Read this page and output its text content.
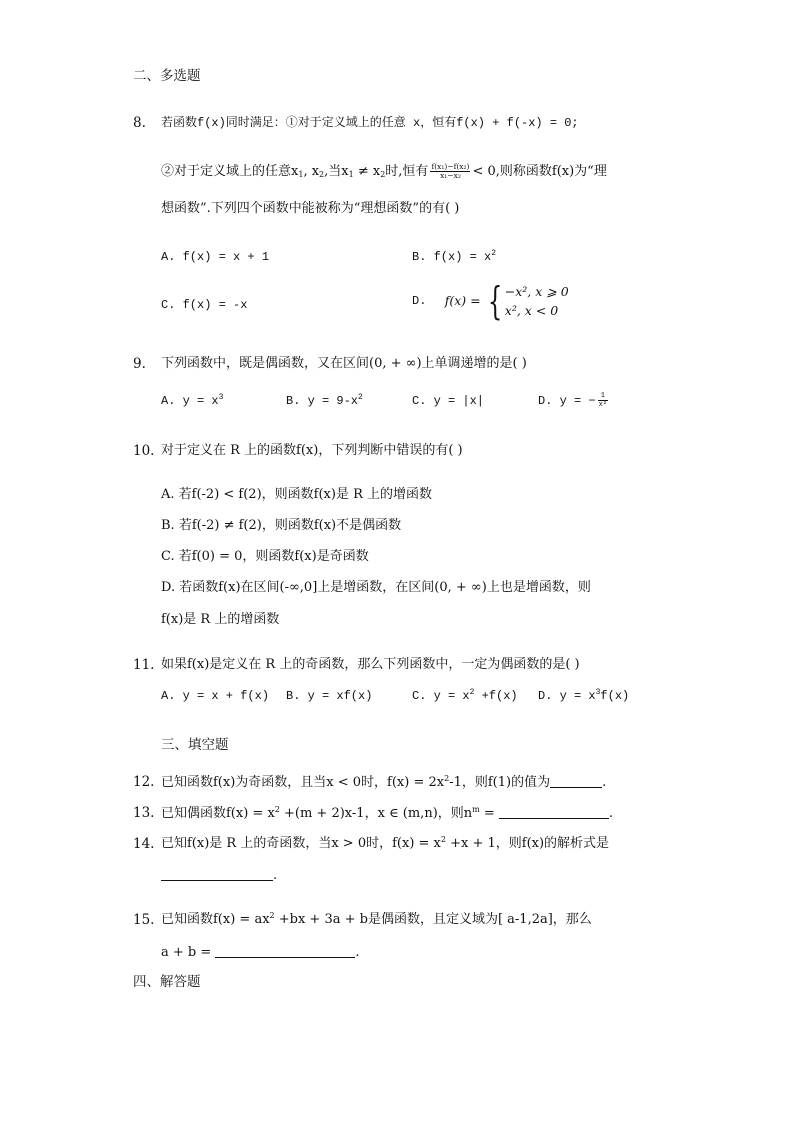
二、多选题
8. 若函数f(x)同时满足：①对于定义域上的任意 x，恒有f(x) + f(-x) = 0;
②对于定义域上的任意$x_1$, $x_2$,当$x_1 \ne x_2$时,恒有 $\frac{\text{f(x₁)−f(x₂)}}{\text{x₁−x₂}} < 0$,则称函数f(x)为“理
想函数”.下列四个函数中能被称为“理想函数”的有( )
A. f(x) = x + 1	B. $f(x) = x^2$
C. f(x) = -x	D. f(x) = { −x², x ⩾ 0
x², x < 0
9. 下列函数中，既是偶函数，又在区间(0, + ∞)上单调递增的是( )
A. $y = x^3$	B. $y = 9-x^2$	C. y = |x|	D. y = − $\frac{1}{\text{x²}}$
10. 对于定义在 R 上的函数f(x)，下列判断中错误的有( )
A. 若f(-2) < f(2)，则函数f(x)是 R 上的增函数
B. 若f(-2) ≠ f(2)，则函数f(x)不是偶函数
C. 若f(0) = 0，则函数f(x)是奇函数
D. 若函数f(x)在区间(-∞,0]上是增函数，在区间(0, + ∞)上也是增函数，则
f(x)是 R 上的增函数
11. 如果f(x)是定义在 R 上的奇函数，那么下列函数中，一定为偶函数的是( )
A. y = x + f(x) B. y = xf(x)	C. $y = x^2 +f(x)$ D. $y = x^3f(x)$
三、填空题
12. 已知函数f(x)为奇函数，且当x < 0时，$f(x) = 2x^2-1$，则f(1)的值为	.
13. 已知偶函数$f(x) = x^2 +(m + 2)x-1$，x ∈ (m,n)，则$n^m$ =	.
14. 已知f(x)是 R 上的奇函数，当x > 0时，$f(x) = x^2 +x + 1$，则f(x)的解析式是
.
15. 已知函数$f(x) = ax^2 +bx + 3a + b$是偶函数，且定义域为[ a-1,2a]，那么
a + b =	.
四、解答题
